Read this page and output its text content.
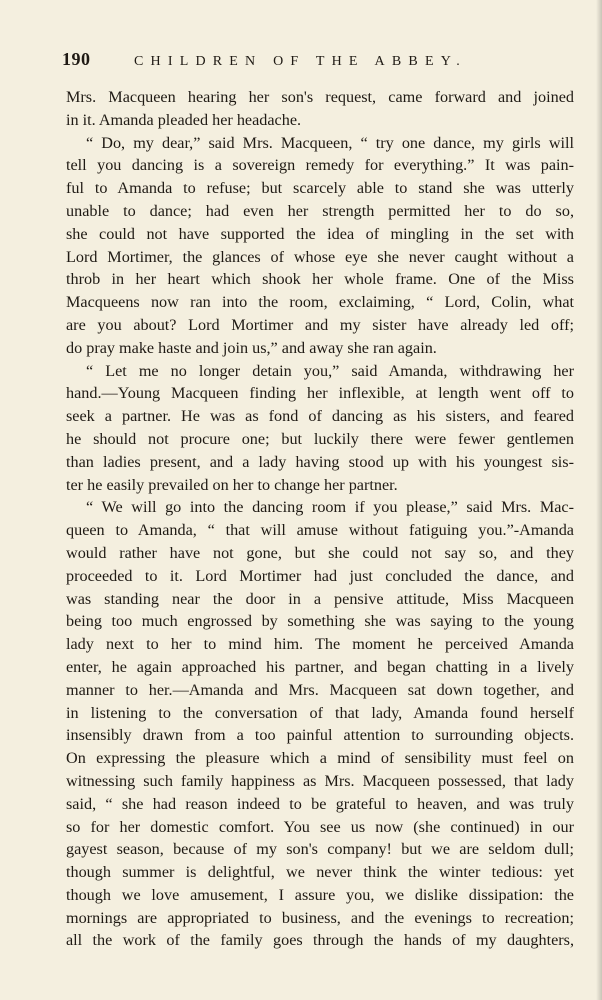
190	CHILDREN OF THE ABBEY.
Mrs. Macqueen hearing her son's request, came forward and joined
in it. Amanda pleaded her headache.
“ Do, my dear,” said Mrs. Macqueen, “ try one dance, my girls will
tell you dancing is a sovereign remedy for everything.” It was pain-
ful to Amanda to refuse; but scarcely able to stand she was utterly
unable to dance; had even her strength permitted her to do so,
she could not have supported the idea of mingling in the set with
Lord Mortimer, the glances of whose eye she never caught without a
throb in her heart which shook her whole frame. One of the Miss
Macqueens now ran into the room, exclaiming, “ Lord, Colin, what
are you about? Lord Mortimer and my sister have already led off;
do pray make haste and join us,” and away she ran again.
“ Let me no longer detain you,” said Amanda, withdrawing her
hand.—Young Macqueen finding her inflexible, at length went off to
seek a partner. He was as fond of dancing as his sisters, and feared
he should not procure one; but luckily there were fewer gentlemen
than ladies present, and a lady having stood up with his youngest sis-
ter he easily prevailed on her to change her partner.
“ We will go into the dancing room if you please,” said Mrs. Mac-
queen to Amanda, “ that will amuse without fatiguing you.”-Amanda
would rather have not gone, but she could not say so, and they
proceeded to it. Lord Mortimer had just concluded the dance, and
was standing near the door in a pensive attitude, Miss Macqueen
being too much engrossed by something she was saying to the young
lady next to her to mind him. The moment he perceived Amanda
enter, he again approached his partner, and began chatting in a lively
manner to her.—Amanda and Mrs. Macqueen sat down together, and
in listening to the conversation of that lady, Amanda found herself
insensibly drawn from a too painful attention to surrounding objects.
On expressing the pleasure which a mind of sensibility must feel on
witnessing such family happiness as Mrs. Macqueen possessed, that lady
said, “ she had reason indeed to be grateful to heaven, and was truly
so for her domestic comfort. You see us now (she continued) in our
gayest season, because of my son's company! but we are seldom dull;
though summer is delightful, we never think the winter tedious: yet
though we love amusement, I assure you, we dislike dissipation: the
mornings are appropriated to business, and the evenings to recreation;
all the work of the family goes through the hands of my daughters,
